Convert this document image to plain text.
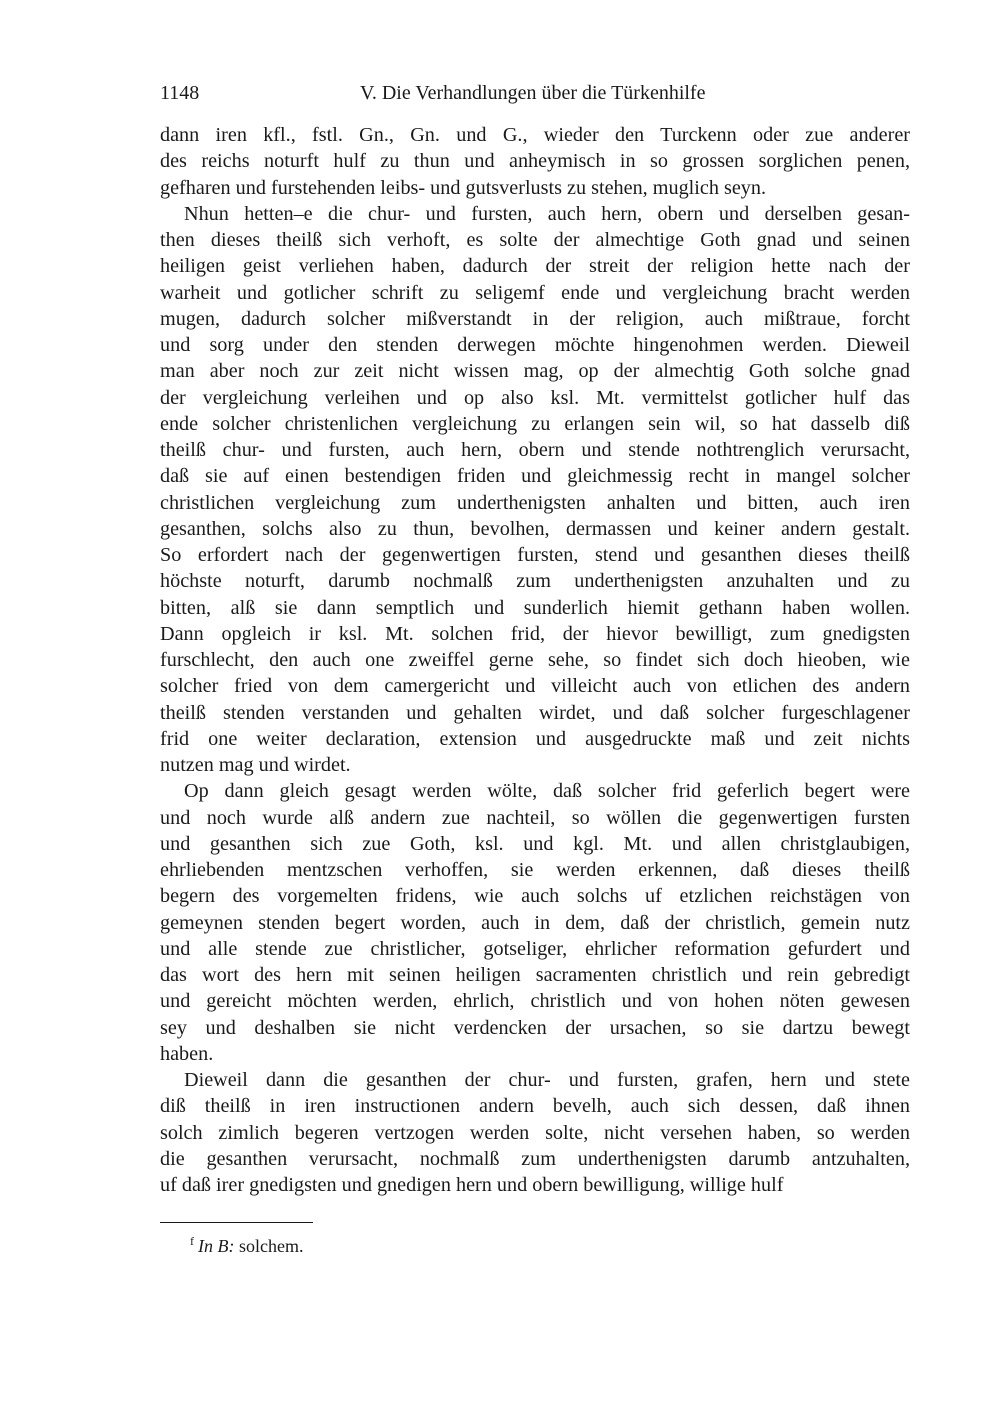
1148	V. Die Verhandlungen über die Türkenhilfe
dann iren kfl., fstl. Gn., Gn. und G., wieder den Turckenn oder zue anderer
des reichs noturft hulf zu thun und anheymisch in so grossen sorglichen penen,
gefharen und furstehenden leibs- und gutsverlusts zu stehen, muglich seyn.
Nhun hetten–e die chur- und fursten, auch hern, obern und derselben gesan-
then dieses theilß sich verhoft, es solte der almechtige Goth gnad und seinen
heiligen geist verliehen haben, dadurch der streit der religion hette nach der
warheit und gotlicher schrift zu seligemf ende und vergleichung bracht werden
mugen, dadurch solcher mißverstandt in der religion, auch mißtraue, forcht
und sorg under den stenden derwegen möchte hingenohmen werden. Dieweil
man aber noch zur zeit nicht wissen mag, op der almechtig Goth solche gnad
der vergleichung verleihen und op also ksl. Mt. vermittelst gotlicher hulf das
ende solcher christenlichen vergleichung zu erlangen sein wil, so hat dasselb diß
theilß chur- und fursten, auch hern, obern und stende nothtrenglich verursacht,
daß sie auf einen bestendigen friden und gleichmessig recht in mangel solcher
christlichen vergleichung zum underthenigsten anhalten und bitten, auch iren
gesanthen, solchs also zu thun, bevolhen, dermassen und keiner andern gestalt.
So erfordert nach der gegenwertigen fursten, stend und gesanthen dieses theilß
höchste noturft, darumb nochmalß zum underthenigsten anzuhalten und zu
bitten, alß sie dann semptlich und sunderlich hiemit gethann haben wollen.
Dann opgleich ir ksl. Mt. solchen frid, der hievor bewilligt, zum gnedigsten
furschlecht, den auch one zweiffel gerne sehe, so findet sich doch hieoben, wie
solcher fried von dem camergericht und villeicht auch von etlichen des andern
theilß stenden verstanden und gehalten wirdet, und daß solcher furgeschlagener
frid one weiter declaration, extension und ausgedruckte maß und zeit nichts
nutzen mag und wirdet.
Op dann gleich gesagt werden wölte, daß solcher frid geferlich begert were
und noch wurde alß andern zue nachteil, so wöllen die gegenwertigen fursten
und gesanthen sich zue Goth, ksl. und kgl. Mt. und allen christglaubigen,
ehrliebenden mentzschen verhoffen, sie werden erkennen, daß dieses theilß
begern des vorgemelten fridens, wie auch solchs uf etzlichen reichstägen von
gemeynen stenden begert worden, auch in dem, daß der christlich, gemein nutz
und alle stende zue christlicher, gotseliger, ehrlicher reformation gefurdert und
das wort des hern mit seinen heiligen sacramenten christlich und rein gebredigt
und gereicht möchten werden, ehrlich, christlich und von hohen nöten gewesen
sey und deshalben sie nicht verdencken der ursachen, so sie dartzu bewegt
haben.
Dieweil dann die gesanthen der chur- und fursten, grafen, hern und stete
diß theilß in iren instructionen andern bevelh, auch sich dessen, daß ihnen
solch zimlich begeren vertzogen werden solte, nicht versehen haben, so werden
die gesanthen verursacht, nochmalß zum underthenigsten darumb antzuhalten,
uf daß irer gnedigsten und gnedigen hern und obern bewilligung, willige hulf
$^f$ In B: solchem.
